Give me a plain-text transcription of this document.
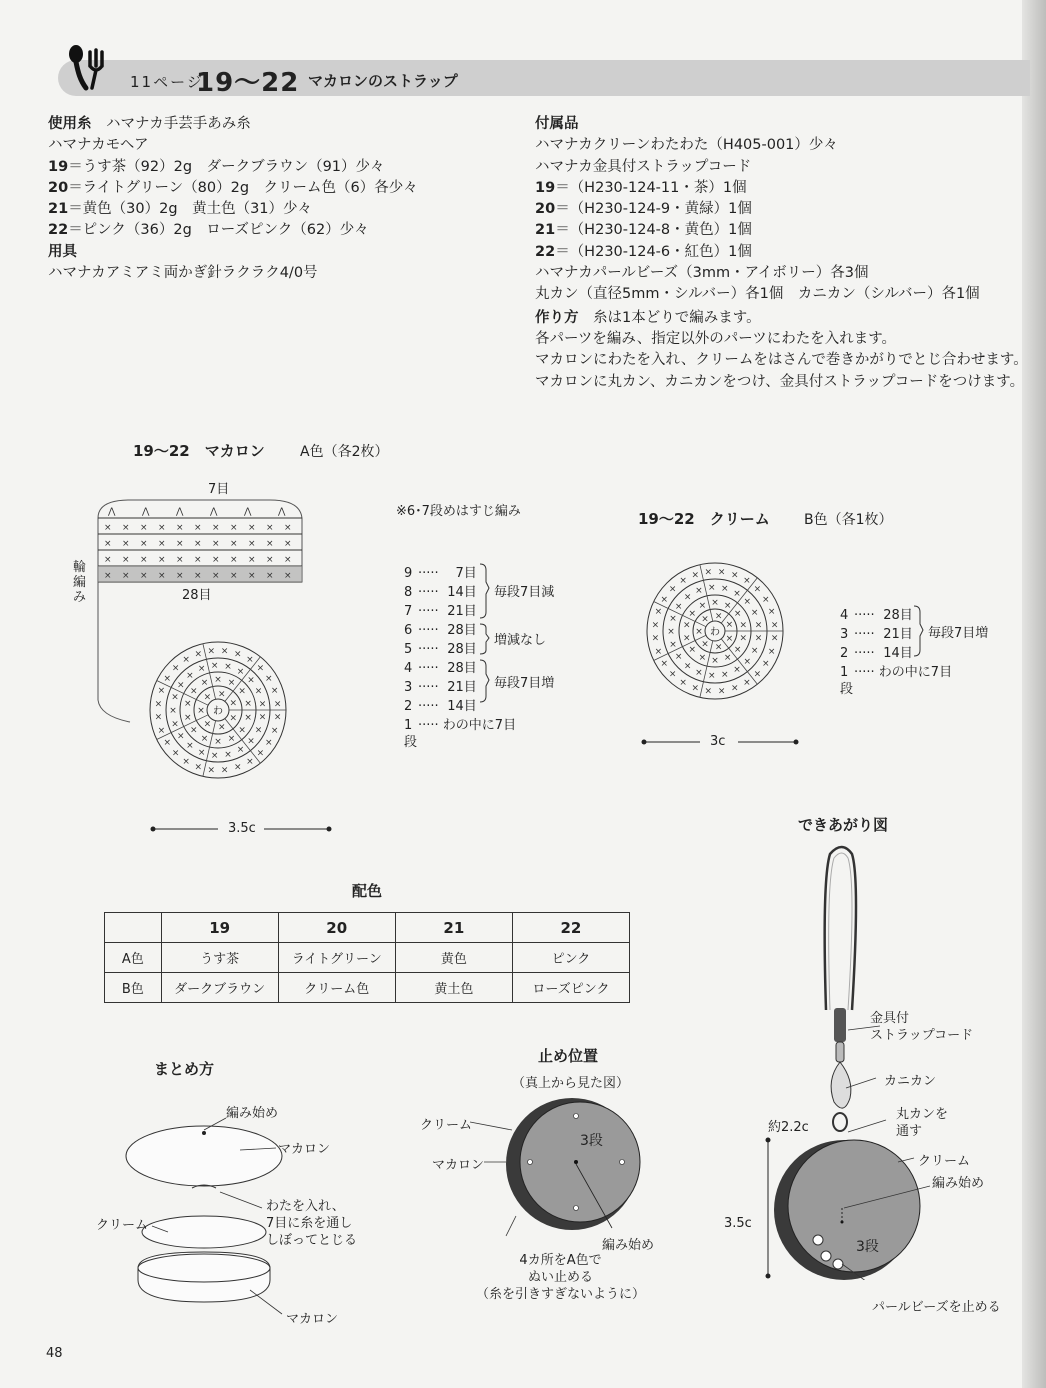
11ページ
19～22 マカロンのストラップ
使用糸　 ハマナカ手芸手あみ糸
ハマナカモヘア
19＝うす茶（92）2g　ダークブラウン（91）少々
20＝ライトグリーン（80）2g　クリーム色（6）各少々
21＝黄色（30）2g　黄土色（31）少々
22＝ピンク（36）2g　ローズピンク（62）少々
用具
ハマナカアミアミ両かぎ針ラクラク4/0号
付属品
ハマナカクリーンわたわた（H405-001）少々
ハマナカ金具付ストラップコード
19＝（H230-124-11・茶）1個
20＝（H230-124-9・黄緑）1個
21＝（H230-124-8・黄色）1個
22＝（H230-124-6・紅色）1個
ハマナカパールビーズ（3mm・アイボリー）各3個
丸カン（直径5mm・シルバー）各1個　カニカン（シルバー）各1個
作り方　 糸は1本どりで編みます。
各パーツを編み、指定以外のパーツにわたを入れます。
マカロンにわたを入れ、クリームをはさんで巻きかがりでとじ合わせます。
マカロンに丸カン、カニカンをつけ、金具付ストラップコードをつけます。
19～22　マカロン	A色（各2枚）
※6･7段めはすじ編み
7目
輪編み	28目
× × × × × × × × × × ×
× × × × × × × × × × ×
× × × × × × × × × × ×
× × × × × × × × × × ×
⋀	⋀	⋀	⋀	⋀	⋀
×
×
×
×
× ×
×
×
×
×
×
×
×
×
×
×
× × ×
×
×
×
×
×
×
×
×
×
×
×
×
×
×
×
×
× × × ×
×
×
×
×
×
×
×
×
×
×
×
×
×
×
×
×
×
×
×
×
×
×
× × × ×
×
×
×
×
×
わ
3.5c
9 ····· 7目
8 ····· 14目
7 ····· 21目
6 ····· 28目
5 ····· 28目
4 ····· 28目
3 ····· 21目
2 ····· 14目
1 ····· わの中に7目
段
毎段7目減
増減なし
毎段7目増
19～22　クリーム B色（各1枚）
×
×
×
×
× ×
×
×
×
×
×
×
×
×
×
×
× × ×
×
×
×
×
×
×
×
×
×
×
×
×
×
×
×
×
× × × ×
×
×
×
×
×
×
×
×
×
×
×
×
×
×
×
×
×
×
×
×
×
×
× × × ×
×
×
×
×
×
わ
3c
4 ····· 28目
3 ····· 21目
2 ····· 14目
1 ····· わの中に7目
段
毎段7目増
配色
	19	20	21	22
A色	うす茶	ライトグリーン	黄色	ピンク
B色	ダークブラウン	クリーム色	黄土色	ローズピンク
まとめ方
編み始め
マカロン
わたを入れ、
7目に糸を通し
しぼってとじる
クリーム
マカロン
止め位置
（真上から見た図）
クリーム
マカロン
3段
編み始め
4カ所をA色で
ぬい止める
（糸を引きすぎないように）
できあがり図
金具付
ストラップコード
カニカン
丸カンを
通す
約2.2c
クリーム
編み始め
3.5c
3段
パールビーズを止める
48
